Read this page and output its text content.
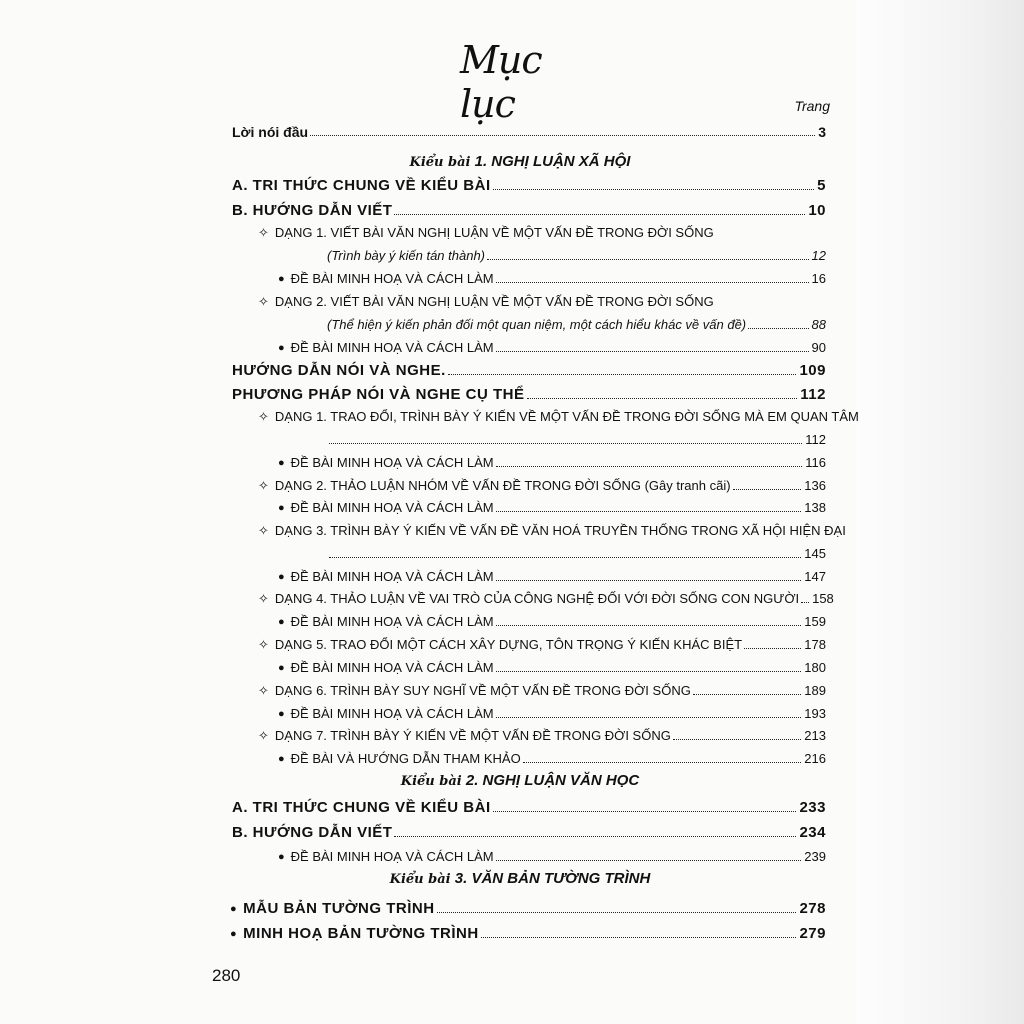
Mục lục	Trang
Lời nói đầu	3
Kiểu bài 1. NGHỊ LUẬN XÃ HỘI
A. TRI THỨC CHUNG VỀ KIỂU BÀI	5
B. HƯỚNG DẪN VIẾT	10
✧ DẠNG 1. VIẾT BÀI VĂN NGHỊ LUẬN VỀ MỘT VẤN ĐỀ TRONG ĐỜI SỐNG
(Trình bày ý kiến tán thành)	12
● ĐỀ BÀI MINH HOẠ VÀ CÁCH LÀM	16
✧ DẠNG 2. VIẾT BÀI VĂN NGHỊ LUẬN VỀ MỘT VẤN ĐỀ TRONG ĐỜI SỐNG
(Thể hiện ý kiến phản đối một quan niệm, một cách hiểu khác về vấn đề)	88
● ĐỀ BÀI MINH HOẠ VÀ CÁCH LÀM	90
HƯỚNG DẪN NÓI VÀ NGHE.	109
PHƯƠNG PHÁP NÓI VÀ NGHE CỤ THỂ	112
✧ DẠNG 1. TRAO ĐỔI, TRÌNH BÀY Ý KIẾN VỀ MỘT VẤN ĐỀ TRONG ĐỜI SỐNG MÀ EM QUAN TÂM
112
● ĐỀ BÀI MINH HOẠ VÀ CÁCH LÀM	116
✧ DẠNG 2. THẢO LUẬN NHÓM VỀ VẤN ĐỀ TRONG ĐỜI SỐNG (Gây tranh cãi)	136
● ĐỀ BÀI MINH HOẠ VÀ CÁCH LÀM	138
✧ DẠNG 3. TRÌNH BÀY Ý KIẾN VỀ VẤN ĐỀ VĂN HOÁ TRUYỀN THỐNG TRONG XÃ HỘI HIỆN ĐẠI
145
● ĐỀ BÀI MINH HOẠ VÀ CÁCH LÀM	147
✧ DẠNG 4. THẢO LUẬN VỀ VAI TRÒ CỦA CÔNG NGHỆ ĐỐI VỚI ĐỜI SỐNG CON NGƯỜI 158
● ĐỀ BÀI MINH HOẠ VÀ CÁCH LÀM	159
✧ DẠNG 5. TRAO ĐỔI MỘT CÁCH XÂY DỰNG, TÔN TRỌNG Ý KIẾN KHÁC BIỆT	178
● ĐỀ BÀI MINH HOẠ VÀ CÁCH LÀM	180
✧ DẠNG 6. TRÌNH BÀY SUY NGHĨ VỀ MỘT VẤN ĐỀ TRONG ĐỜI SỐNG	189
● ĐỀ BÀI MINH HOẠ VÀ CÁCH LÀM	193
✧ DẠNG 7. TRÌNH BÀY Ý KIẾN VỀ MỘT VẤN ĐỀ TRONG ĐỜI SỐNG	213
● ĐỀ BÀI VÀ HƯỚNG DẪN THAM KHẢO	216
Kiểu bài 2. NGHỊ LUẬN VĂN HỌC
A. TRI THỨC CHUNG VỀ KIỂU BÀI	233
B. HƯỚNG DẪN VIẾT	234
● ĐỀ BÀI MINH HOẠ VÀ CÁCH LÀM	239
Kiểu bài 3. VĂN BẢN TƯỜNG TRÌNH
● MẪU BẢN TƯỜNG TRÌNH	278
● MINH HOẠ BẢN TƯỜNG TRÌNH	279
280
